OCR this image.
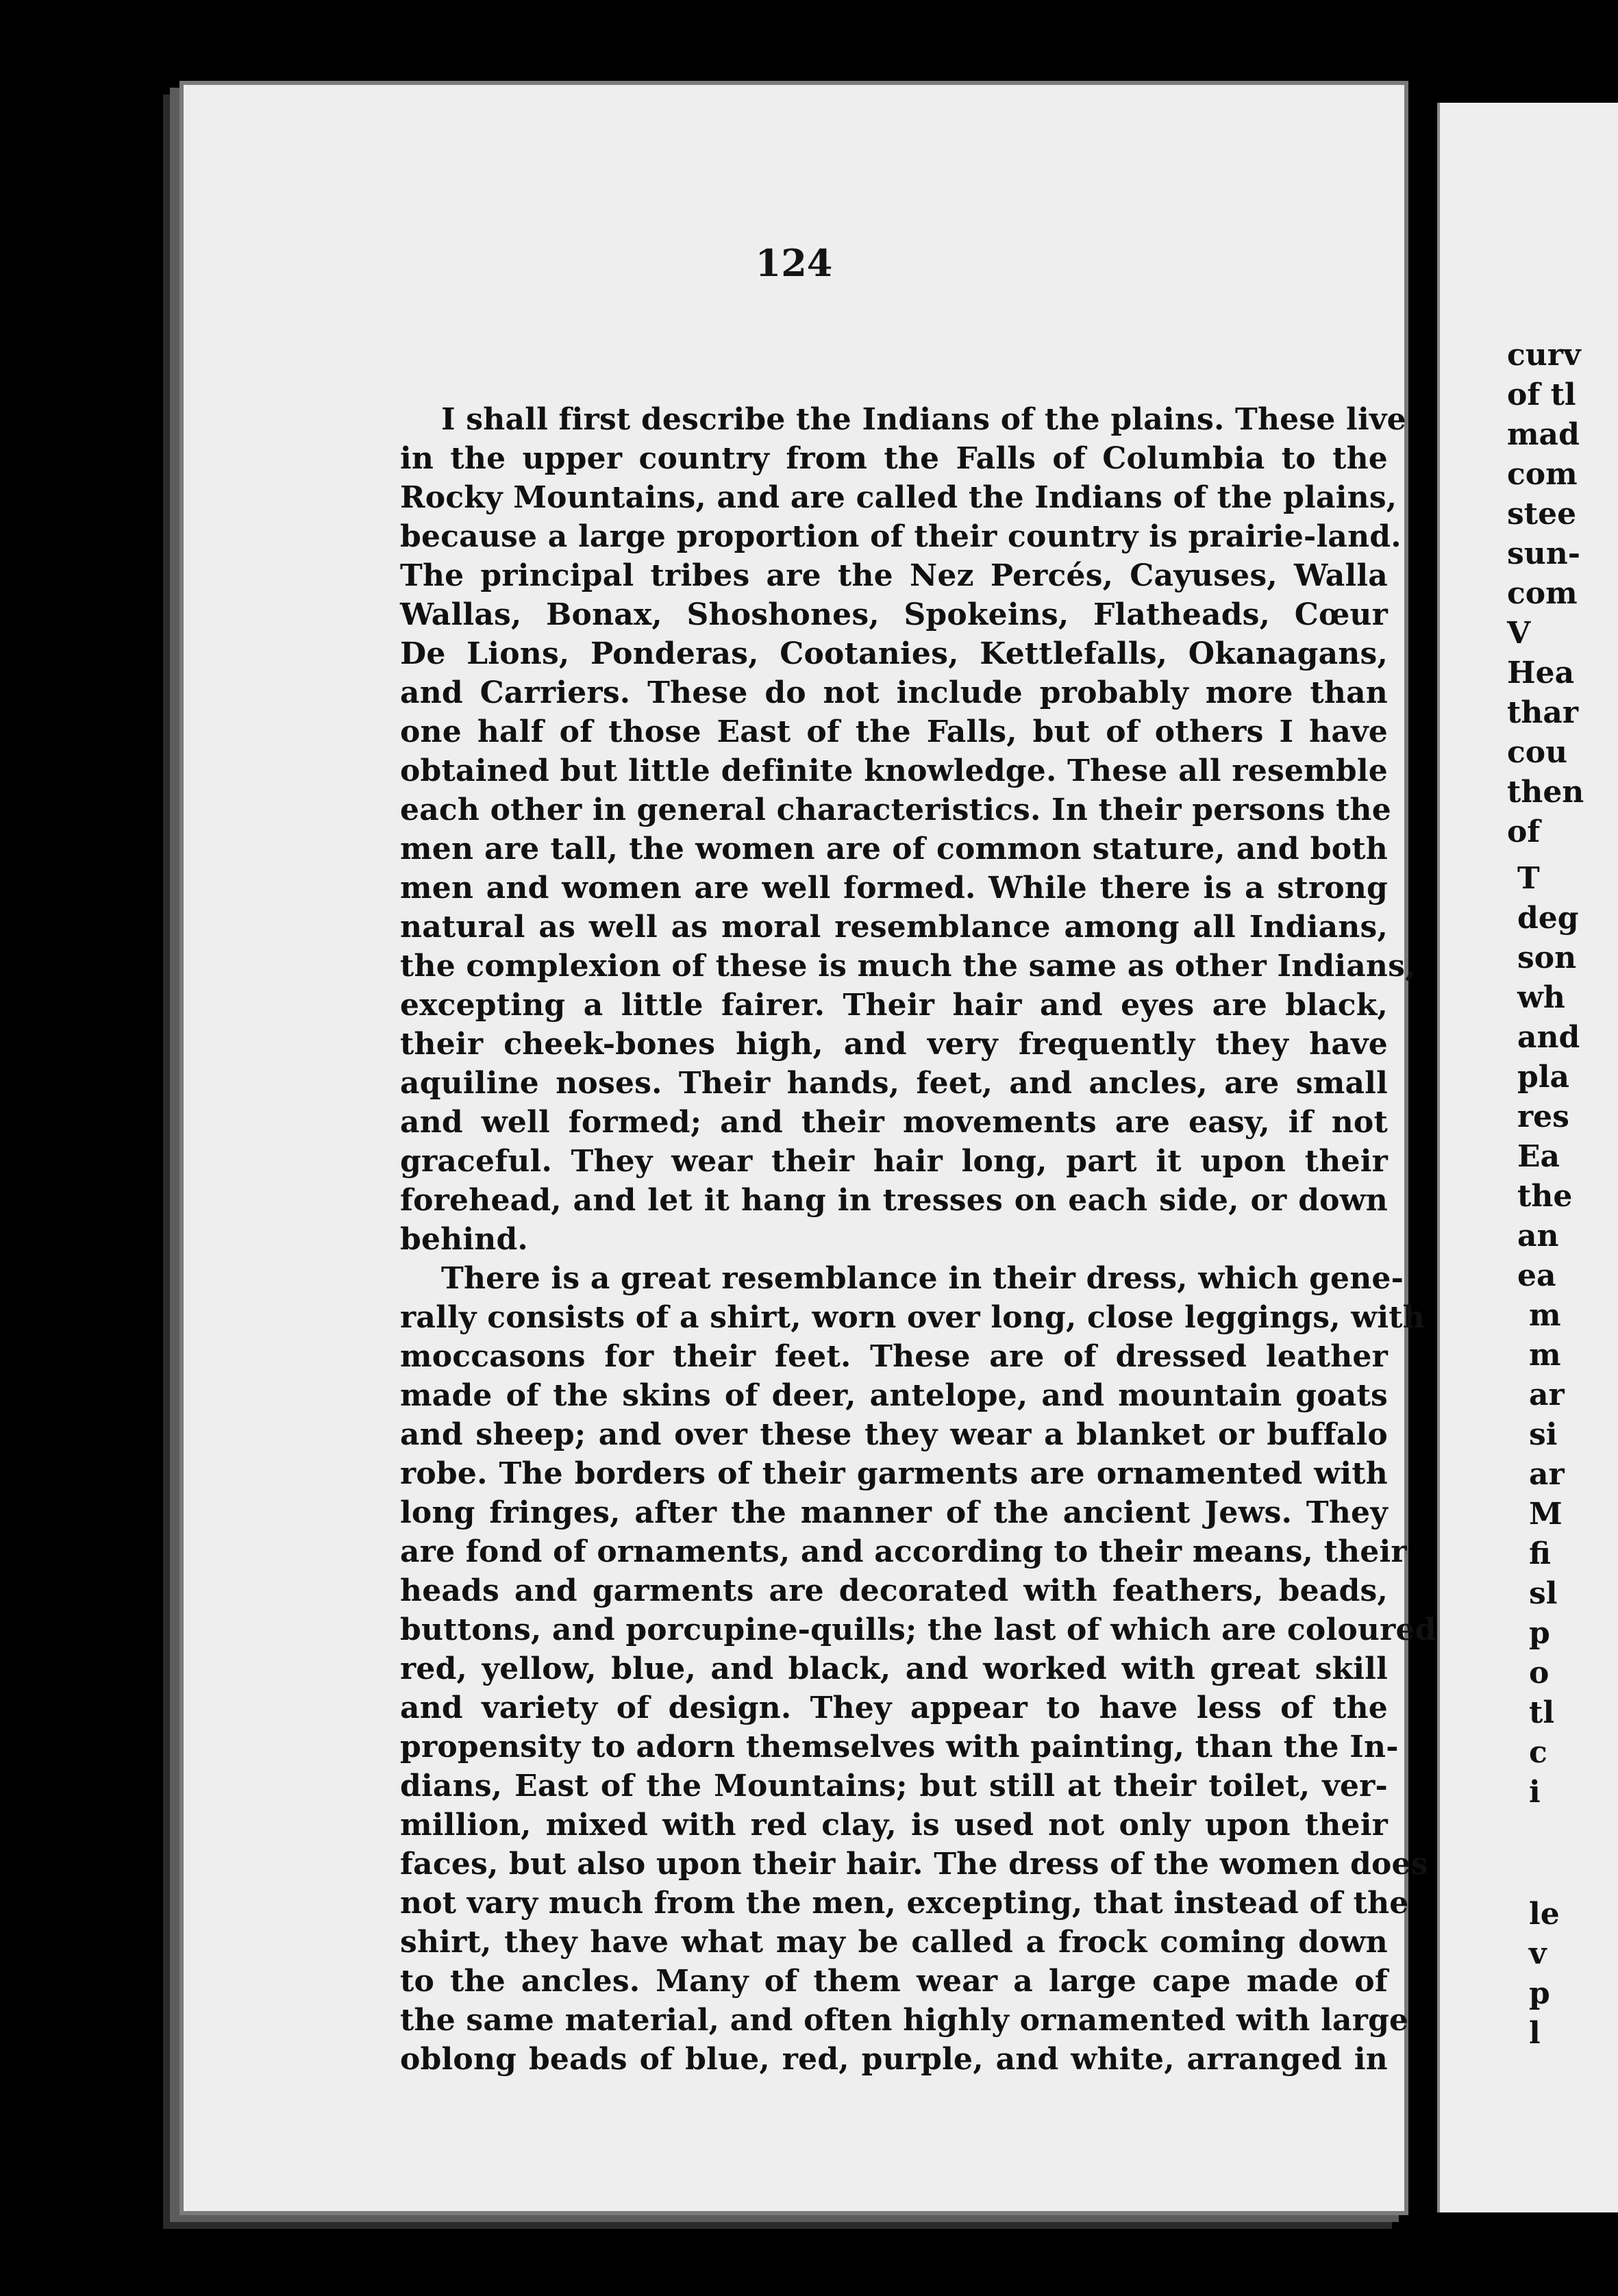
124

I shall first describe the Indians of the plains. These live
in the upper country from the Falls of Columbia to the
Rocky Mountains, and are called the Indians of the plains,
because a large proportion of their country is prairie-land.
The principal tribes are the Nez Percés, Cayuses, Walla
Wallas, Bonax, Shoshones, Spokeins, Flatheads, Cœur
De Lions, Ponderas, Cootanies, Kettlefalls, Okanagans,
and Carriers. These do not include probably more than
one half of those East of the Falls, but of others I have
obtained but little definite knowledge. These all resemble
each other in general characteristics. In their persons the
men are tall, the women are of common stature, and both
men and women are well formed. While there is a strong
natural as well as moral resemblance among all Indians,
the complexion of these is much the same as other Indians,
excepting a little fairer. Their hair and eyes are black,
their cheek-bones high, and very frequently they have
aquiline noses. Their hands, feet, and ancles, are small
and well formed; and their movements are easy, if not
graceful. They wear their hair long, part it upon their
forehead, and let it hang in tresses on each side, or down
behind.

There is a great resemblance in their dress, which gene-
rally consists of a shirt, worn over long, close leggings, with
moccasons for their feet. These are of dressed leather
made of the skins of deer, antelope, and mountain goats
and sheep; and over these they wear a blanket or buffalo
robe. The borders of their garments are ornamented with
long fringes, after the manner of the ancient Jews. They
are fond of ornaments, and according to their means, their
heads and garments are decorated with feathers, beads,
buttons, and porcupine-quills; the last of which are coloured
red, yellow, blue, and black, and worked with great skill
and variety of design. They appear to have less of the
propensity to adorn themselves with painting, than the In-
dians, East of the Mountains; but still at their toilet, ver-
million, mixed with red clay, is used not only upon their
faces, but also upon their hair. The dress of the women does
not vary much from the men, excepting, that instead of the
shirt, they have what may be called a frock coming down
to the ancles. Many of them wear a large cape made of
the same material, and often highly ornamented with large
oblong beads of blue, red, purple, and white, arranged in

curv
of tl
mad
com
stee
sun-
com
V
Hea
thar
cou
then
of
T
deg
son
wh
and
pla
res
Ea
the
an
ea
m
m
ar
si
ar
M
fi
sl
p
o
tl
c
i
le
v
p
l
